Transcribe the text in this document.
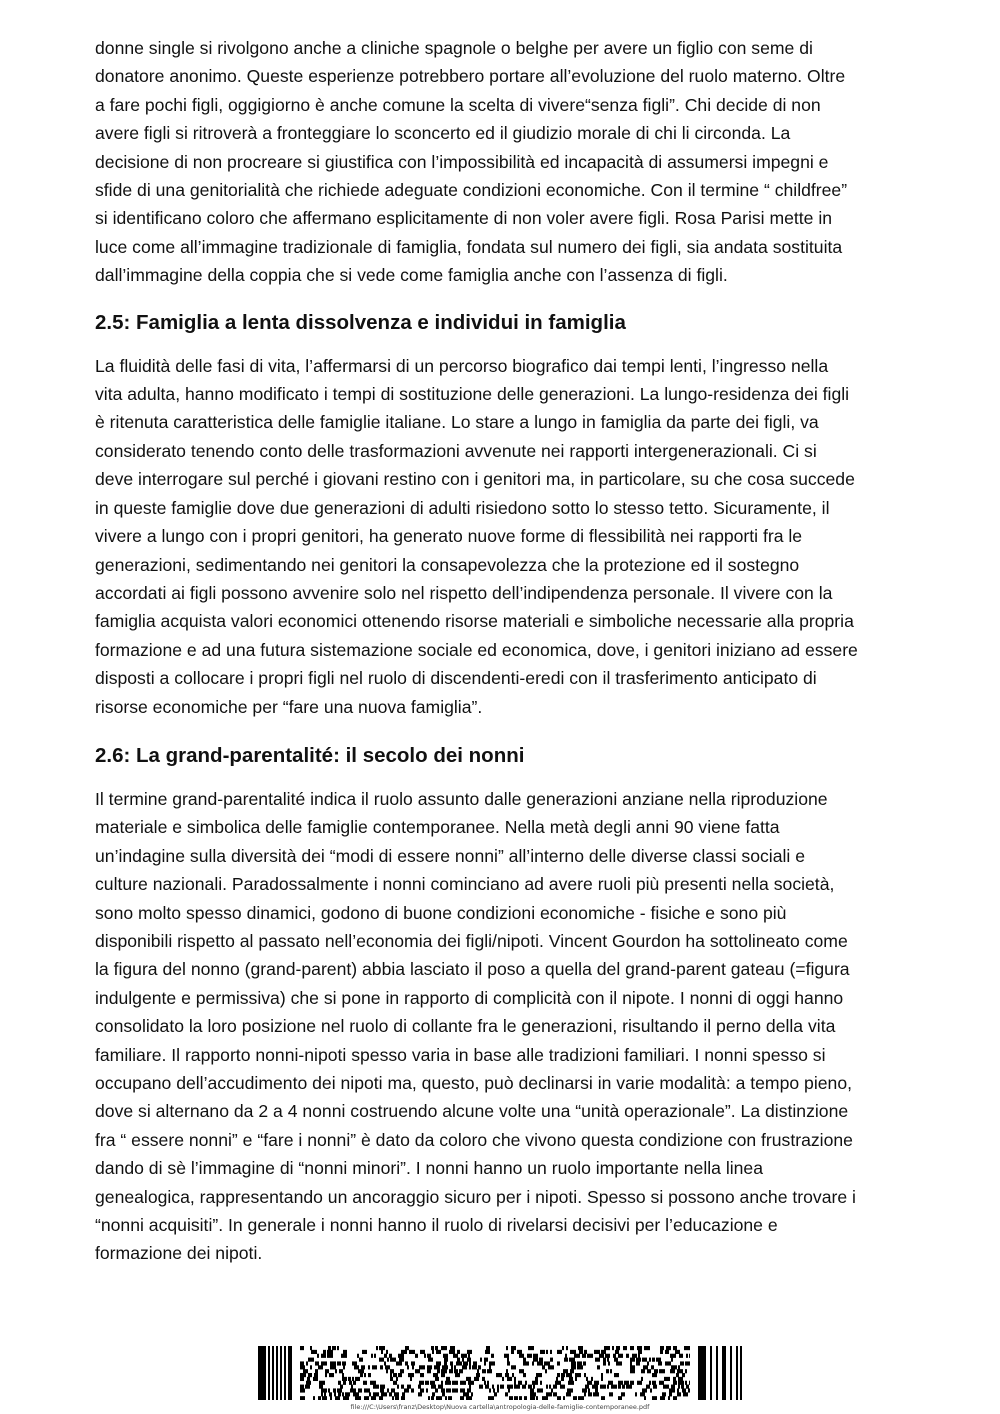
donne single si rivolgono anche a cliniche spagnole o belghe per avere un figlio con seme di
donatore anonimo. Queste esperienze potrebbero portare all’evoluzione del ruolo materno. Oltre
a fare pochi figli, oggigiorno è anche comune la scelta di vivere“senza figli”. Chi decide di non
avere figli si ritroverà a fronteggiare lo sconcerto ed il giudizio morale di chi li circonda. La
decisione di non procreare si giustifica con l’impossibilità ed incapacità di assumersi impegni e
sfide di una genitorialità che richiede adeguate condizioni economiche. Con il termine “ childfree”
si identificano coloro che affermano esplicitamente di non voler avere figli. Rosa Parisi mette in
luce come all’immagine tradizionale di famiglia, fondata sul numero dei figli, sia andata sostituita
dall’immagine della coppia che si vede come famiglia anche con l’assenza di figli.

2.5: Famiglia a lenta dissolvenza e individui in famiglia

La fluidità delle fasi di vita, l’affermarsi di un percorso biografico dai tempi lenti, l’ingresso nella
vita adulta, hanno modificato i tempi di sostituzione delle generazioni. La lungo-residenza dei figli
è ritenuta caratteristica delle famiglie italiane. Lo stare a lungo in famiglia da parte dei figli, va
considerato tenendo conto delle trasformazioni avvenute nei rapporti intergenerazionali. Ci si
deve interrogare sul perché i giovani restino con i genitori ma, in particolare, su che cosa succede
in queste famiglie dove due generazioni di adulti risiedono sotto lo stesso tetto. Sicuramente, il
vivere a lungo con i propri genitori, ha generato nuove forme di flessibilità nei rapporti fra le
generazioni, sedimentando nei genitori la consapevolezza che la protezione ed il sostegno
accordati ai figli possono avvenire solo nel rispetto dell’indipendenza personale. Il vivere con la
famiglia acquista valori economici ottenendo risorse materiali e simboliche necessarie alla propria
formazione e ad una futura sistemazione sociale ed economica, dove, i genitori iniziano ad essere
disposti a collocare i propri figli nel ruolo di discendenti-eredi con il trasferimento anticipato di
risorse economiche per “fare una nuova famiglia”.

2.6: La grand-parentalité: il secolo dei nonni

Il termine grand-parentalité indica il ruolo assunto dalle generazioni anziane nella riproduzione
materiale e simbolica delle famiglie contemporanee. Nella metà degli anni 90 viene fatta
un’indagine sulla diversità dei “modi di essere nonni” all’interno delle diverse classi sociali e
culture nazionali. Paradossalmente i nonni cominciano ad avere ruoli più presenti nella società,
sono molto spesso dinamici, godono di buone condizioni economiche - fisiche e sono più
disponibili rispetto al passato nell’economia dei figli/nipoti. Vincent Gourdon ha sottolineato come
la figura del nonno (grand-parent) abbia lasciato il poso a quella del grand-parent gateau (=figura
indulgente e permissiva) che si pone in rapporto di complicità con il nipote. I nonni di oggi hanno
consolidato la loro posizione nel ruolo di collante fra le generazioni, risultando il perno della vita
familiare. Il rapporto nonni-nipoti spesso varia in base alle tradizioni familiari. I nonni spesso si
occupano dell’accudimento dei nipoti ma, questo, può declinarsi in varie modalità: a tempo pieno,
dove si alternano da 2 a 4 nonni costruendo alcune volte una “unità operazionale”. La distinzione
fra “ essere nonni” e “fare i nonni” è dato da coloro che vivono questa condizione con frustrazione
dando di sè l’immagine di “nonni minori”. I nonni hanno un ruolo importante nella linea
genealogica, rappresentando un ancoraggio sicuro per i nipoti. Spesso si possono anche trovare i
“nonni acquisiti”. In generale i nonni hanno il ruolo di rivelarsi decisivi per l’educazione e
formazione dei nipoti.

file:///C:\Users\franz\Desktop\Nuova cartella\antropologia-delle-famiglie-contemporanee.pdf
